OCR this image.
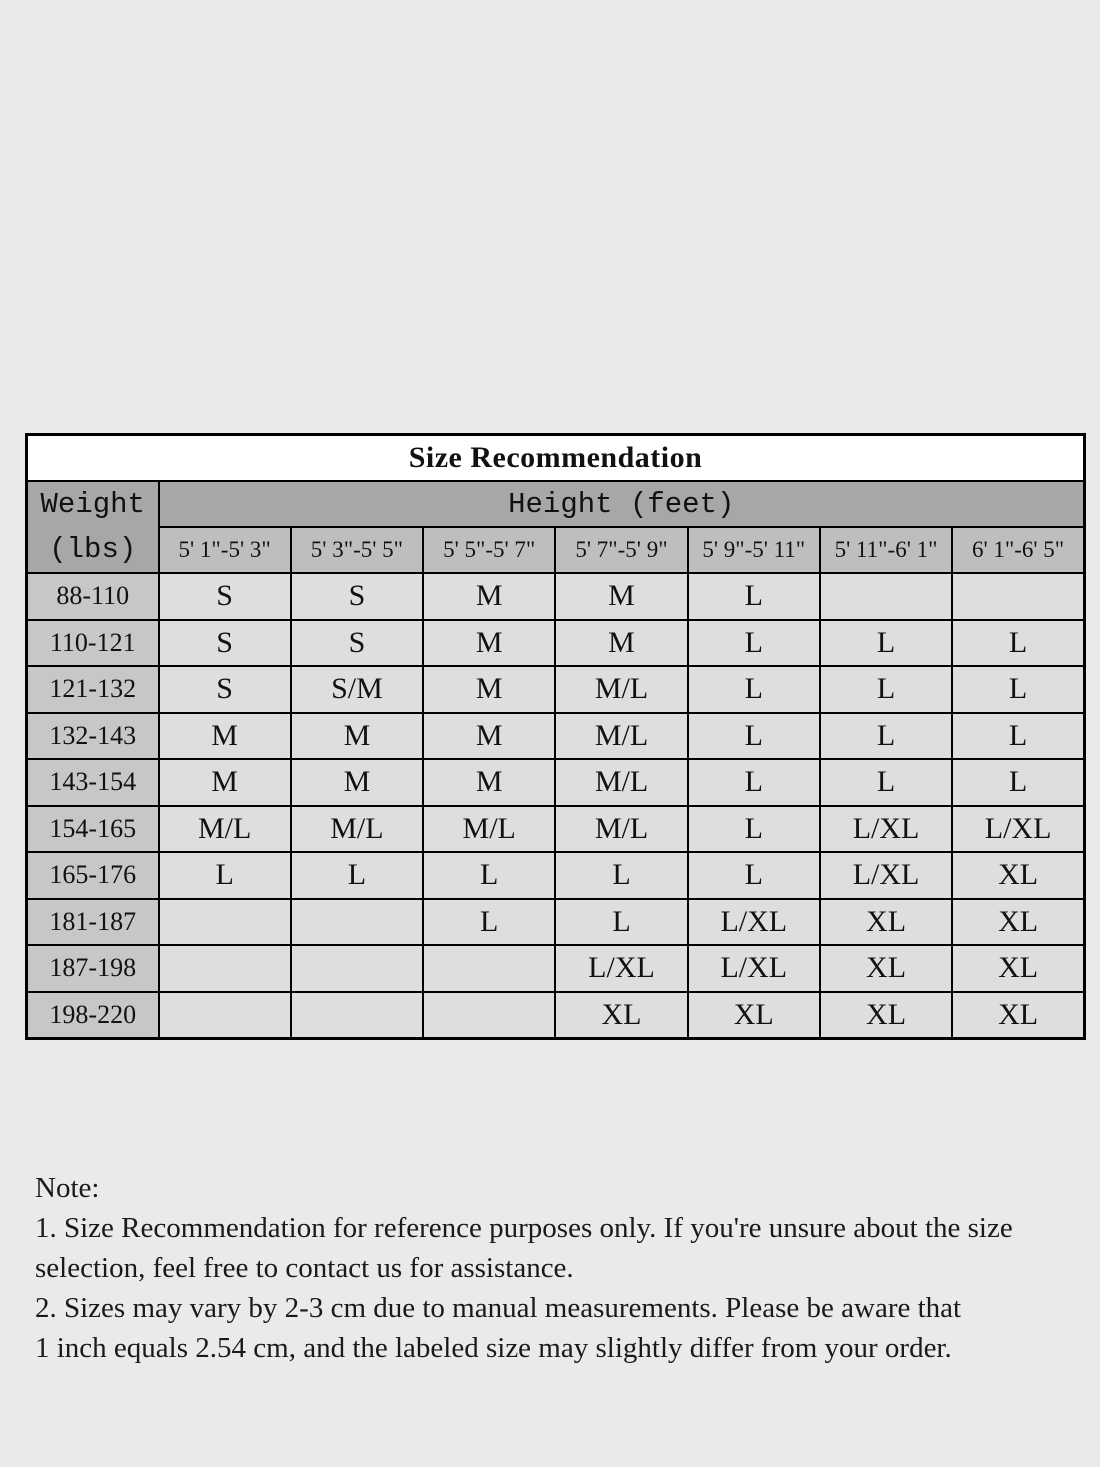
Size Recommendation							

Weight
(lbs)	Height (feet)						
	5' 1"-5' 3"	5' 3"-5' 5"	5' 5"-5' 7"	5' 7"-5' 9"	5' 9"-5' 11"	5' 11"-6' 1"	6' 1"-6' 5"
88-110	S	S	M	M	L		
110-121	S	S	M	M	L	L	L
121-132	S	S/M	M	M/L	L	L	L
132-143	M	M	M	M/L	L	L	L
143-154	M	M	M	M/L	L	L	L
154-165	M/L	M/L	M/L	M/L	L	L/XL	L/XL
165-176	L	L	L	L	L	L/XL	XL
181-187			L	L	L/XL	XL	XL
187-198				L/XL	L/XL	XL	XL
198-220				XL	XL	XL	XL
Note:
1. Size Recommendation for reference purposes only. If you're unsure about the size
selection, feel free to contact us for assistance.
2. Sizes may vary by 2-3 cm due to manual measurements. Please be aware that
1 inch equals 2.54 cm, and the labeled size may slightly differ from your order.
